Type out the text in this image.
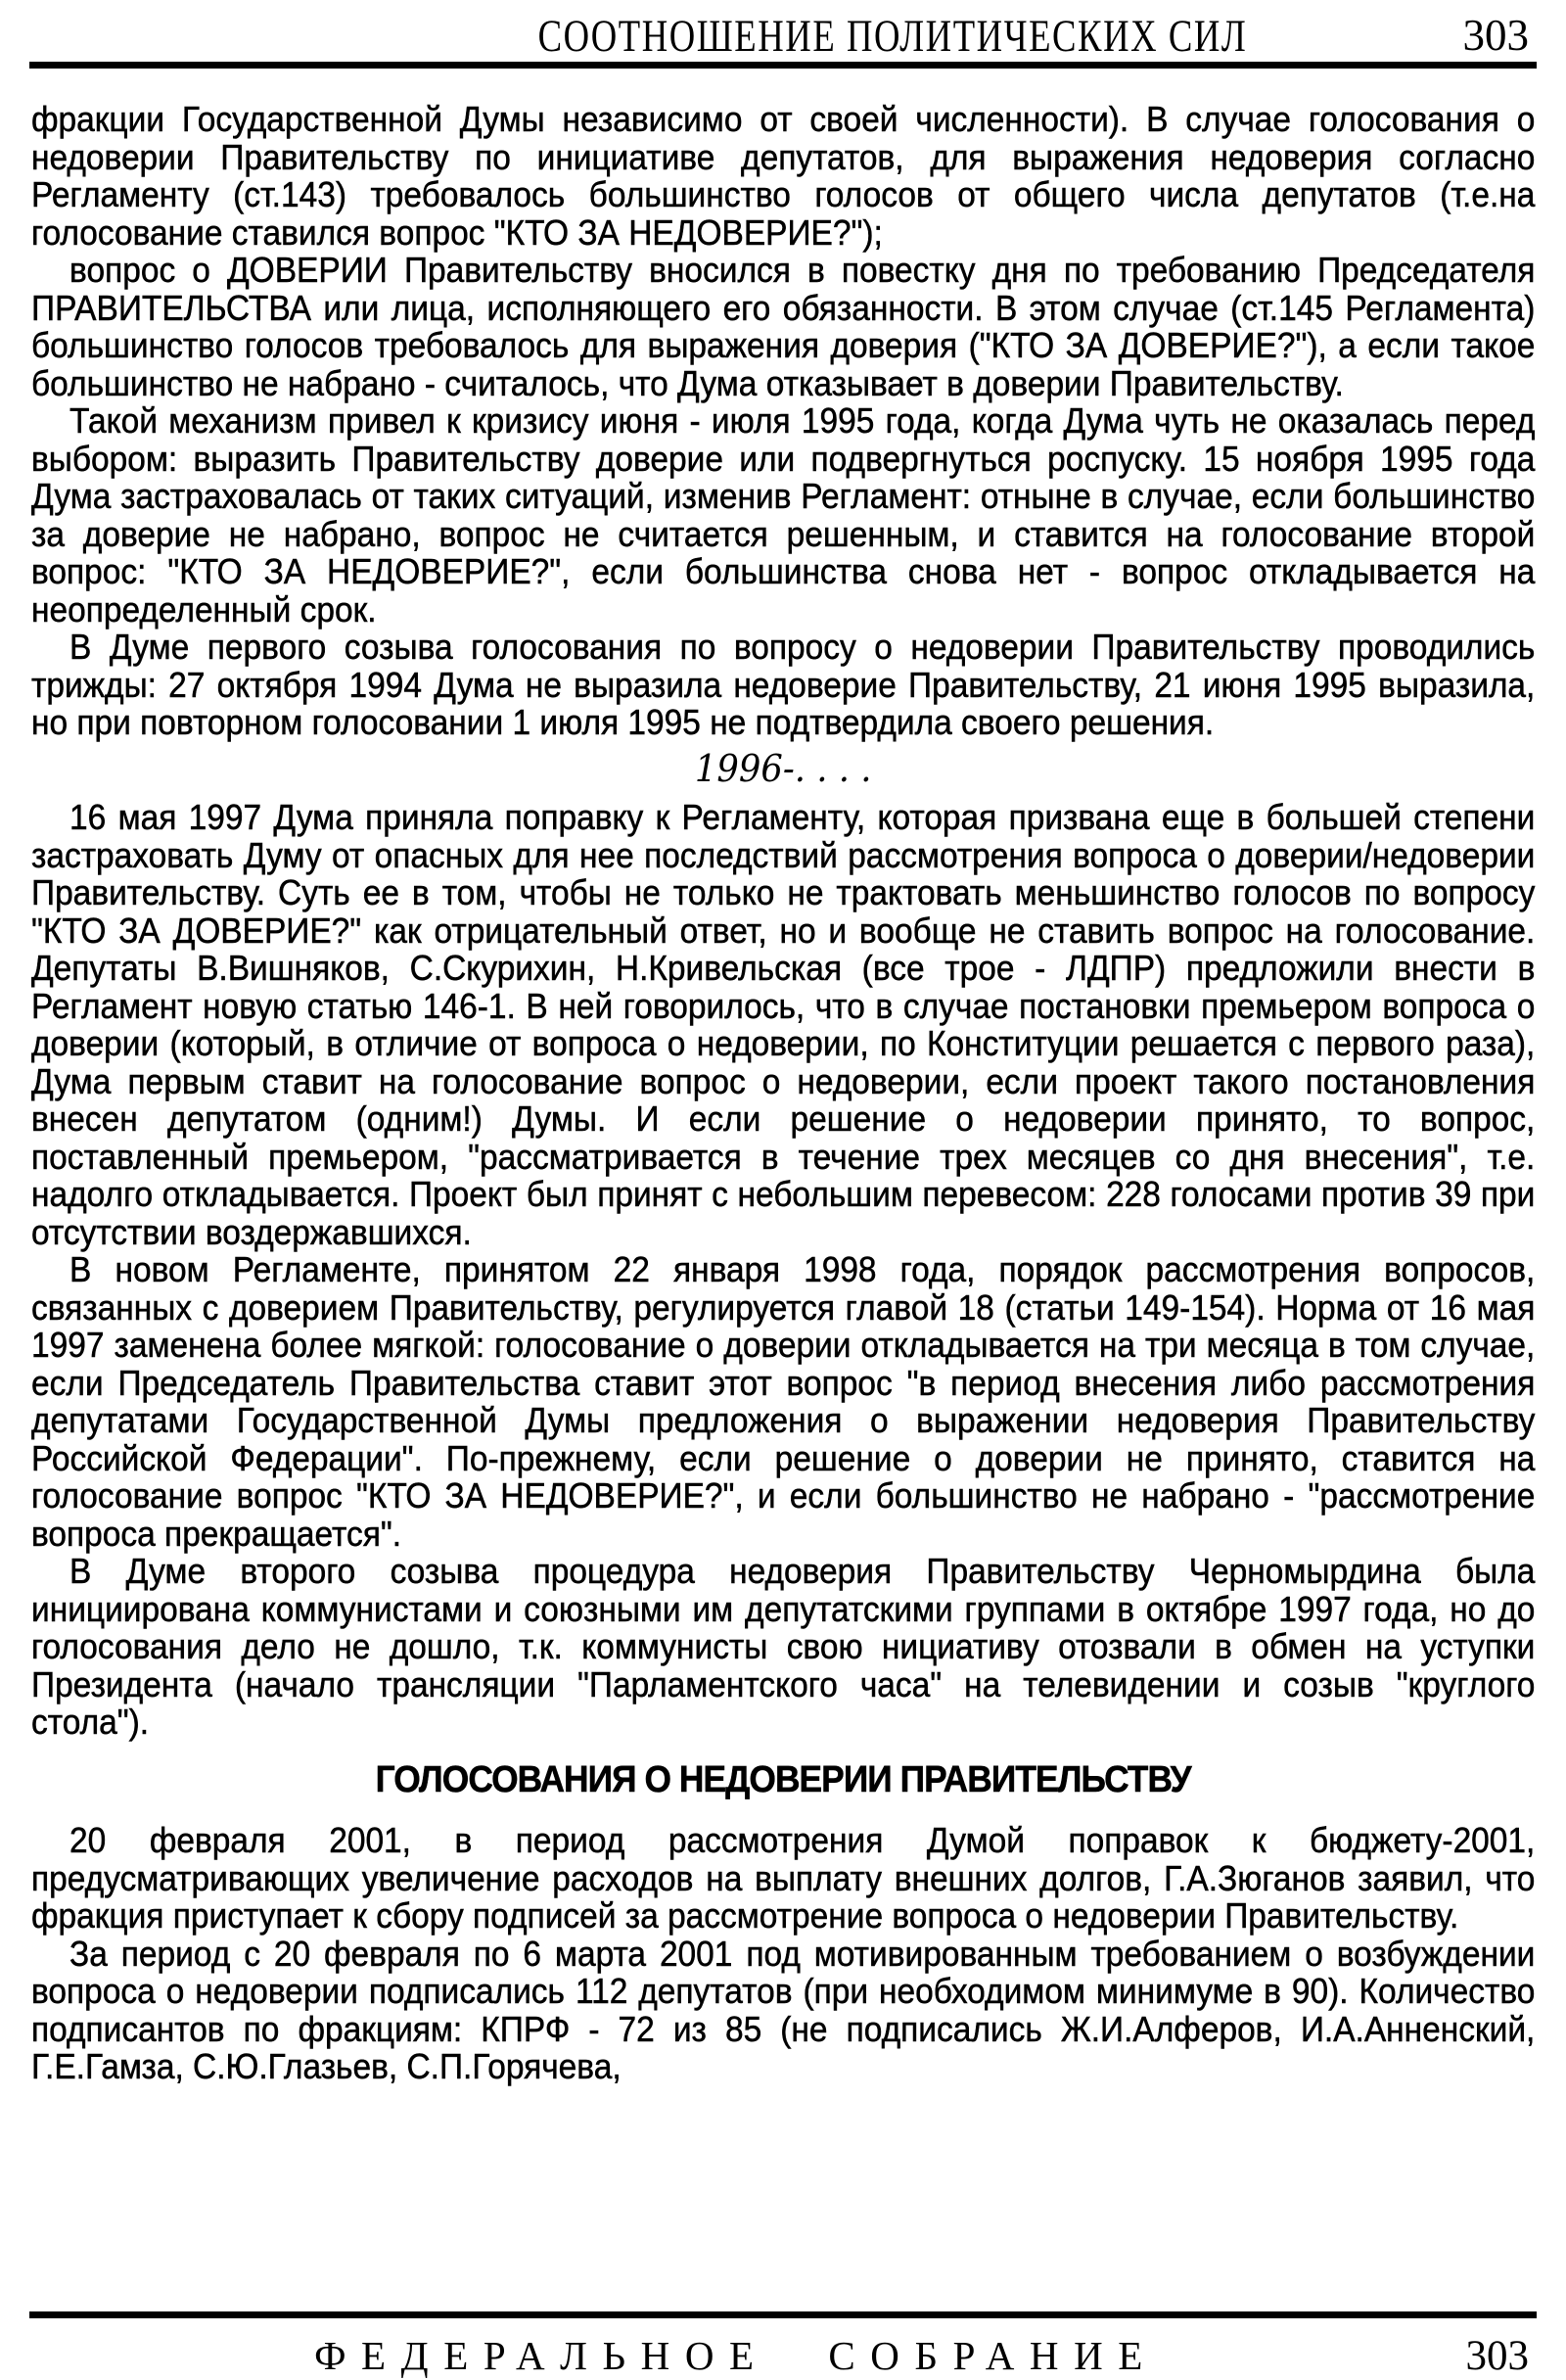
СООТНОШЕНИЕ ПОЛИТИЧЕСКИХ СИЛ	303

фракции Государственной Думы независимо от своей численности). В случае голосования о недоверии Правительству по инициативе депутатов, для выражения недоверия согласно Регламенту (ст.143) требовалось большинство голосов от общего числа депутатов (т.е.на голосование ставился вопрос "КТО ЗА НЕДОВЕРИЕ?");

вопрос о ДОВЕРИИ Правительству вносился в повестку дня по требованию Председателя ПРАВИТЕЛЬСТВА или лица, исполняющего его обязанности. В этом случае (ст.145 Регламента) большинство голосов требовалось для выражения доверия ("КТО ЗА ДОВЕРИЕ?"), а если такое большинство не набрано - считалось, что Дума отказывает в доверии Правительству.

Такой механизм привел к кризису июня - июля 1995 года, когда Дума чуть не оказалась перед выбором: выразить Правительству доверие или подвергнуться роспуску. 15 ноября 1995 года Дума застраховалась от таких ситуаций, изменив Регламент: отныне в случае, если большинство за доверие не набрано, вопрос не считается решенным, и ставится на голосование второй вопрос: "КТО ЗА НЕДОВЕРИЕ?", если большинства снова нет - вопрос откладывается на неопределенный срок.

В Думе первого созыва голосования по вопросу о недоверии Правительству проводились трижды: 27 октября 1994 Дума не выразила недоверие Правительству, 21 июня 1995 выразила, но при повторном голосовании 1 июля 1995 не подтвердила своего решения.

1996-. . . .

16 мая 1997 Дума приняла поправку к Регламенту, которая призвана еще в большей степени застраховать Думу от опасных для нее последствий рассмотрения вопроса о доверии/недоверии Правительству. Суть ее в том, чтобы не только не трактовать меньшинство голосов по вопросу "КТО ЗА ДОВЕРИЕ?" как отрицательный ответ, но и вообще не ставить вопрос на голосование. Депутаты В.Вишняков, С.Скурихин, Н.Кривельская (все трое - ЛДПР) предложили внести в Регламент новую статью 146-1. В ней говорилось, что в случае постановки премьером вопроса о доверии (который, в отличие от вопроса о недоверии, по Конституции решается с первого раза), Дума первым ставит на голосование вопрос о недоверии, если проект такого постановления внесен депутатом (одним!) Думы. И если решение о недоверии принято, то вопрос, поставленный премьером, "рассматривается в течение трех месяцев со дня внесения", т.е. надолго откладывается. Проект был принят с небольшим перевесом: 228 голосами против 39 при отсутствии воздержавшихся.

В новом Регламенте, принятом 22 января 1998 года, порядок рассмотрения вопросов, связанных с доверием Правительству, регулируется главой 18 (статьи 149-154). Норма от 16 мая 1997 заменена более мягкой: голосование о доверии откладывается на три месяца в том случае, если Председатель Правительства ставит этот вопрос "в период внесения либо рассмотрения депутатами Государственной Думы предложения о выражении недоверия Правительству Российской Федерации". По-прежнему, если решение о доверии не принято, ставится на голосование вопрос "КТО ЗА НЕДОВЕРИЕ?", и если большинство не набрано - "рассмотрение вопроса прекращается".

В Думе второго созыва процедура недоверия Правительству Черномырдина была инициирована коммунистами и союзными им депутатскими группами в октябре 1997 года, но до голосования дело не дошло, т.к. коммунисты свою нициативу отозвали в обмен на уступки Президента (начало трансляции "Парламентского часа" на телевидении и созыв "круглого стола").

ГОЛОСОВАНИЯ О НЕДОВЕРИИ ПРАВИТЕЛЬСТВУ

20 февраля 2001, в период рассмотрения Думой поправок к бюджету-2001, предусматривающих увеличение расходов на выплату внешних долгов, Г.А.Зюганов заявил, что фракция приступает к сбору подписей за рассмотрение вопроса о недоверии Правительству.

За период с 20 февраля по 6 марта 2001 под мотивированным требованием о возбуждении вопроса о недоверии подписались 112 депутатов (при необходимом минимуме в 90). Количество подписантов по фракциям: КПРФ - 72 из 85 (не подписались Ж.И.Алферов, И.А.Анненский, Г.Е.Гамза, С.Ю.Глазьев, С.П.Горячева,

ФЕДЕРАЛЬНОЕ СОБРАНИЕ	303
